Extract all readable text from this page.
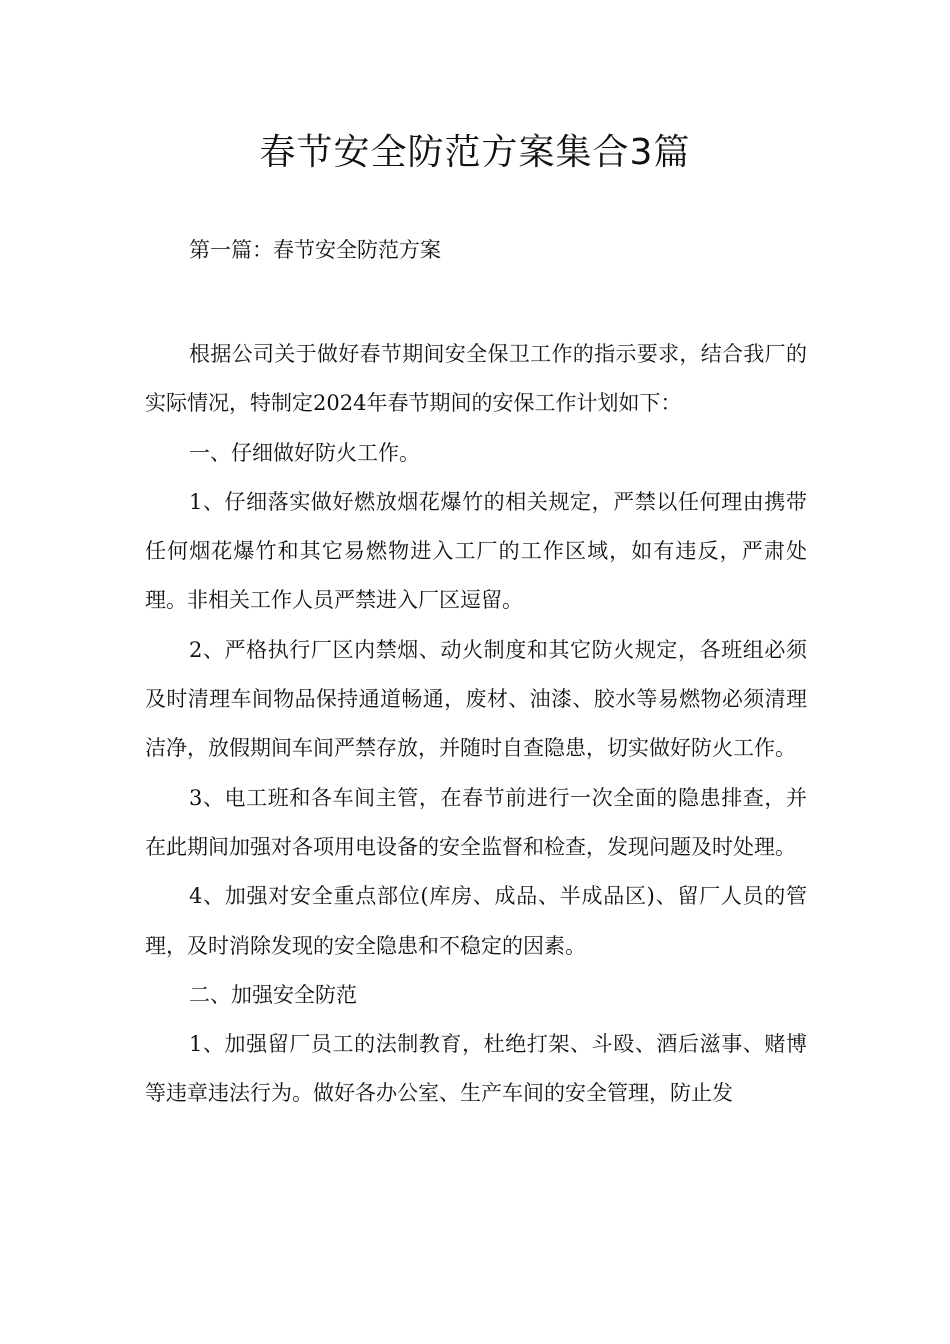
春节安全防范方案集合3篇

第一篇：春节安全防范方案

根据公司关于做好春节期间安全保卫工作的指示要求，结合我厂的实际情况，特制定2024年春节期间的安保工作计划如下：

一、仔细做好防火工作。

1、仔细落实做好燃放烟花爆竹的相关规定，严禁以任何理由携带任何烟花爆竹和其它易燃物进入工厂的工作区域，如有违反，严肃处理。非相关工作人员严禁进入厂区逗留。

2、严格执行厂区内禁烟、动火制度和其它防火规定，各班组必须及时清理车间物品保持通道畅通，废材、油漆、胶水等易燃物必须清理洁净，放假期间车间严禁存放，并随时自查隐患，切实做好防火工作。

3、电工班和各车间主管，在春节前进行一次全面的隐患排查，并在此期间加强对各项用电设备的安全监督和检查，发现问题及时处理。

4、加强对安全重点部位(库房、成品、半成品区)、留厂人员的管理，及时消除发现的安全隐患和不稳定的因素。

二、加强安全防范

1、加强留厂员工的法制教育，杜绝打架、斗殴、酒后滋事、赌博等违章违法行为。做好各办公室、生产车间的安全管理，防止发
